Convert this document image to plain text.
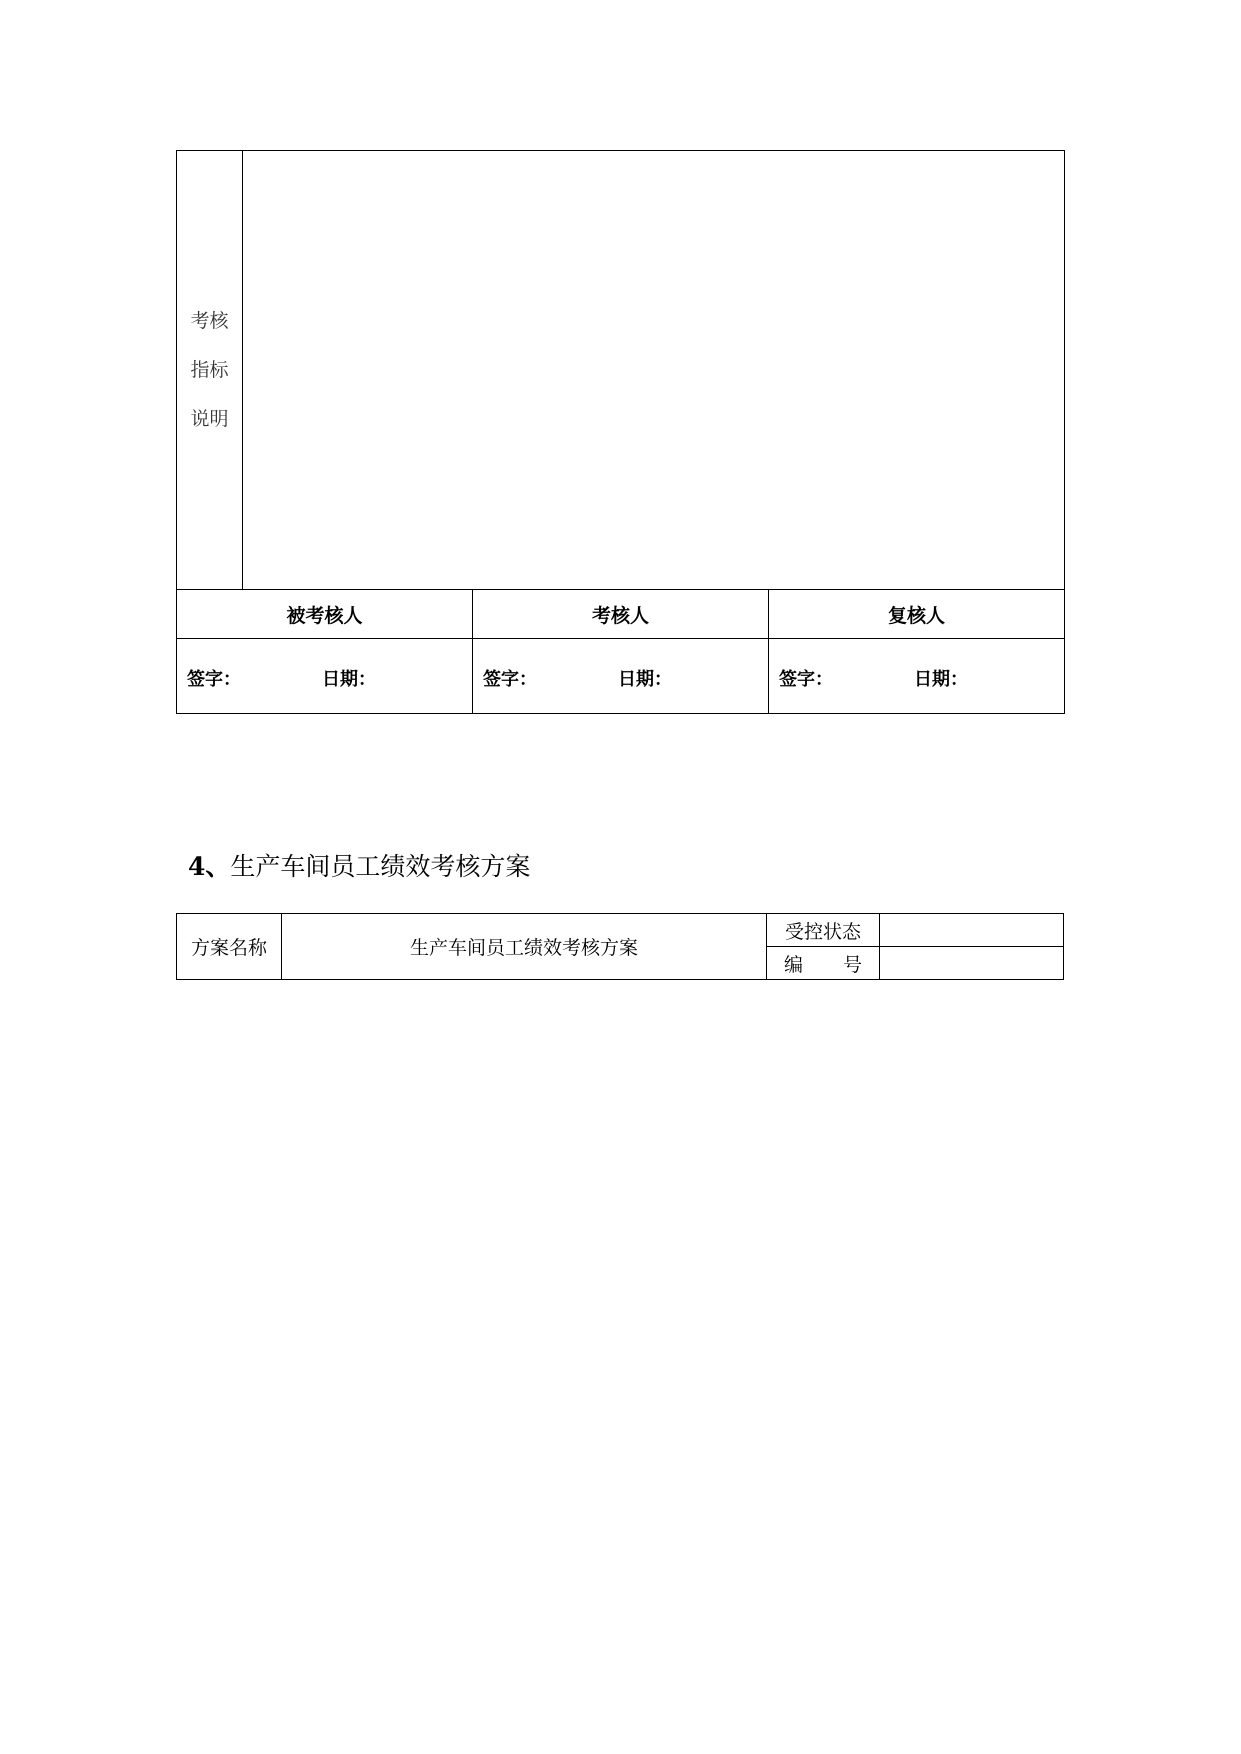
考核
指标
说明			

被考核人		考核人	复核人

签字： 日期：		签字： 日期：	签字： 日期：
4、生产车间员工绩效考核方案
方案名称	生产车间员工绩效考核方案	受控状态	
		编 号	
